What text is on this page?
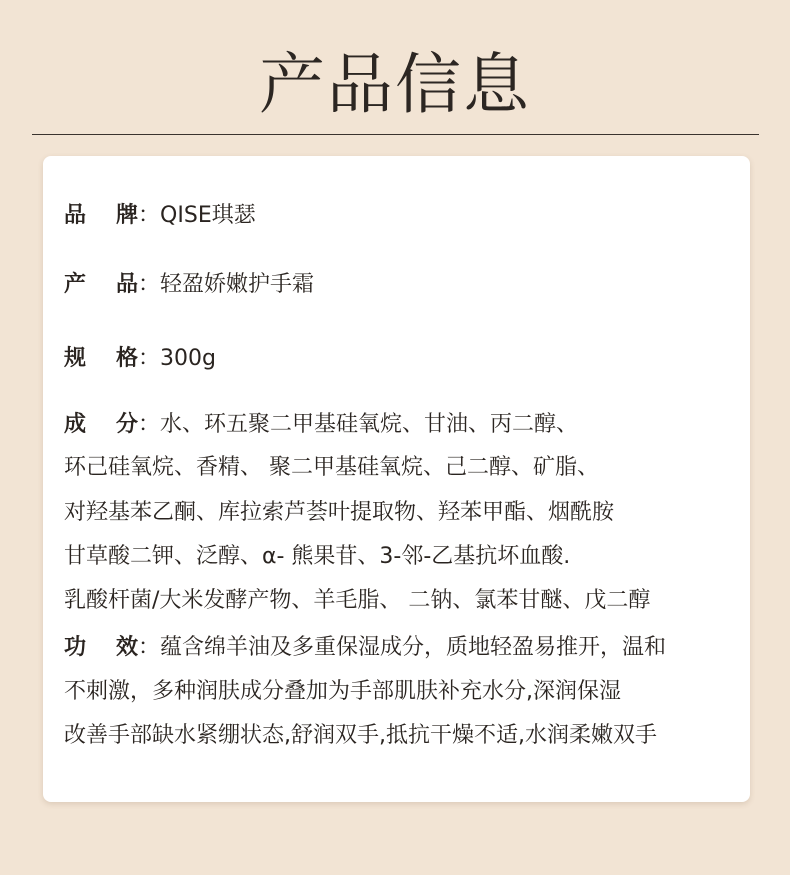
产品信息
品 牌：QISE琪瑟
产 品：轻盈娇嫩护手霜
规 格：300g
成 分：水、环五聚二甲基硅氧烷、甘油、丙二醇、
环己硅氧烷、香精、 聚二甲基硅氧烷、己二醇、矿脂、
对羟基苯乙酮、库拉索芦荟叶提取物、羟苯甲酯、烟酰胺
甘草酸二钾、泛醇、α- 熊果苷、3-邻-乙基抗坏血酸.
乳酸杆菌/大米发酵产物、羊毛脂、 二钠、氯苯甘醚、戊二醇
功 效：蕴含绵羊油及多重保湿成分，质地轻盈易推开，温和
不刺激，多种润肤成分叠加为手部肌肤补充水分,深润保湿
改善手部缺水紧绷状态,舒润双手,抵抗干燥不适,水润柔嫩双手
